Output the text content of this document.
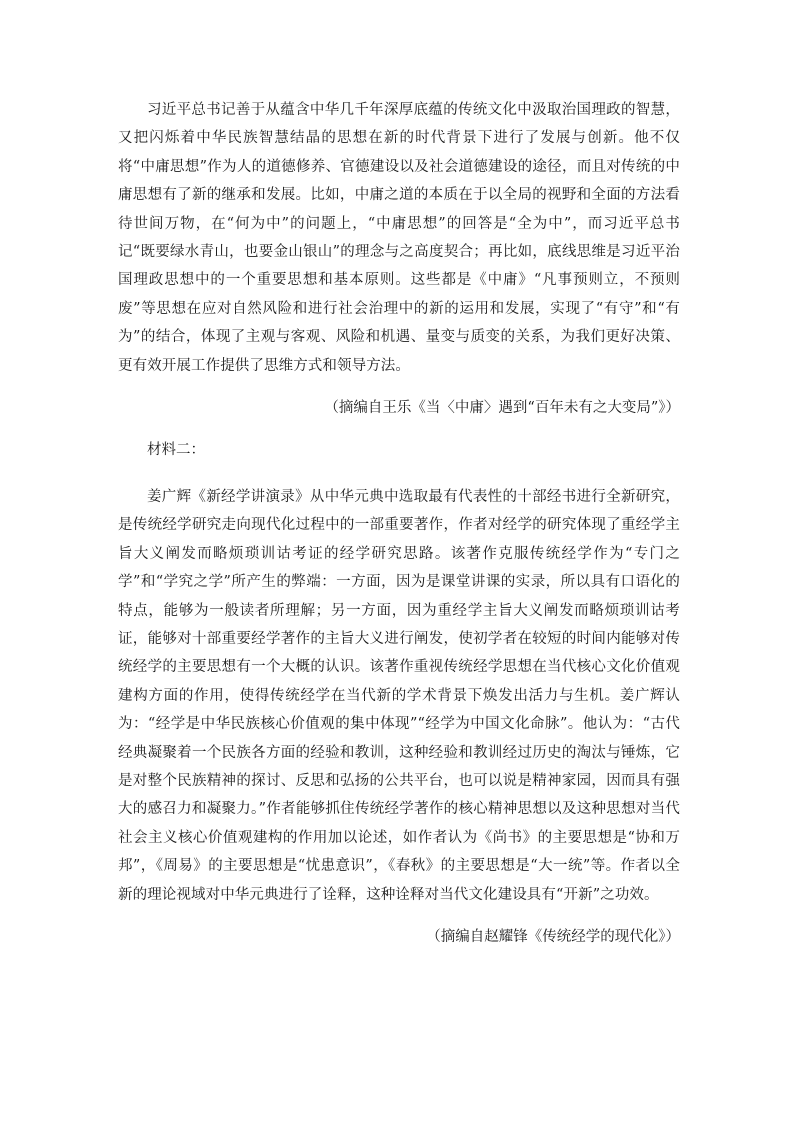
习近平总书记善于从蕴含中华几千年深厚底蕴的传统文化中汲取治国理政的智慧，又把闪烁着中华民族智慧结晶的思想在新的时代背景下进行了发展与创新。他不仅将“中庸思想”作为人的道德修养、官德建设以及社会道德建设的途径，而且对传统的中庸思想有了新的继承和发展。比如，中庸之道的本质在于以全局的视野和全面的方法看待世间万物，在“何为中”的问题上，“中庸思想”的回答是“全为中”，而习近平总书记“既要绿水青山，也要金山银山”的理念与之高度契合；再比如，底线思维是习近平治国理政思想中的一个重要思想和基本原则。这些都是《中庸》“凡事预则立，不预则废”等思想在应对自然风险和进行社会治理中的新的运用和发展，实现了“有守”和“有为”的结合，体现了主观与客观、风险和机遇、量变与质变的关系，为我们更好决策、更有效开展工作提供了思维方式和领导方法。

（摘编自王乐《当〈中庸〉遇到“百年未有之大变局”》）

材料二：

姜广辉《新经学讲演录》从中华元典中选取最有代表性的十部经书进行全新研究，是传统经学研究走向现代化过程中的一部重要著作，作者对经学的研究体现了重经学主旨大义阐发而略烦琐训诂考证的经学研究思路。该著作克服传统经学作为“专门之学”和“学究之学”所产生的弊端：一方面，因为是课堂讲课的实录，所以具有口语化的特点，能够为一般读者所理解；另一方面，因为重经学主旨大义阐发而略烦琐训诂考证，能够对十部重要经学著作的主旨大义进行阐发，使初学者在较短的时间内能够对传统经学的主要思想有一个大概的认识。该著作重视传统经学思想在当代核心文化价值观建构方面的作用，使得传统经学在当代新的学术背景下焕发出活力与生机。姜广辉认为：“经学是中华民族核心价值观的集中体现”“经学为中国文化命脉”。他认为：“古代经典凝聚着一个民族各方面的经验和教训，这种经验和教训经过历史的淘汰与锤炼，它是对整个民族精神的探讨、反思和弘扬的公共平台，也可以说是精神家园，因而具有强大的感召力和凝聚力。”作者能够抓住传统经学著作的核心精神思想以及这种思想对当代社会主义核心价值观建构的作用加以论述，如作者认为《尚书》的主要思想是“协和万邦”，《周易》的主要思想是“忧患意识”，《春秋》的主要思想是“大一统”等。作者以全新的理论视域对中华元典进行了诠释，这种诠释对当代文化建设具有“开新”之功效。

（摘编自赵耀锋《传统经学的现代化》）
